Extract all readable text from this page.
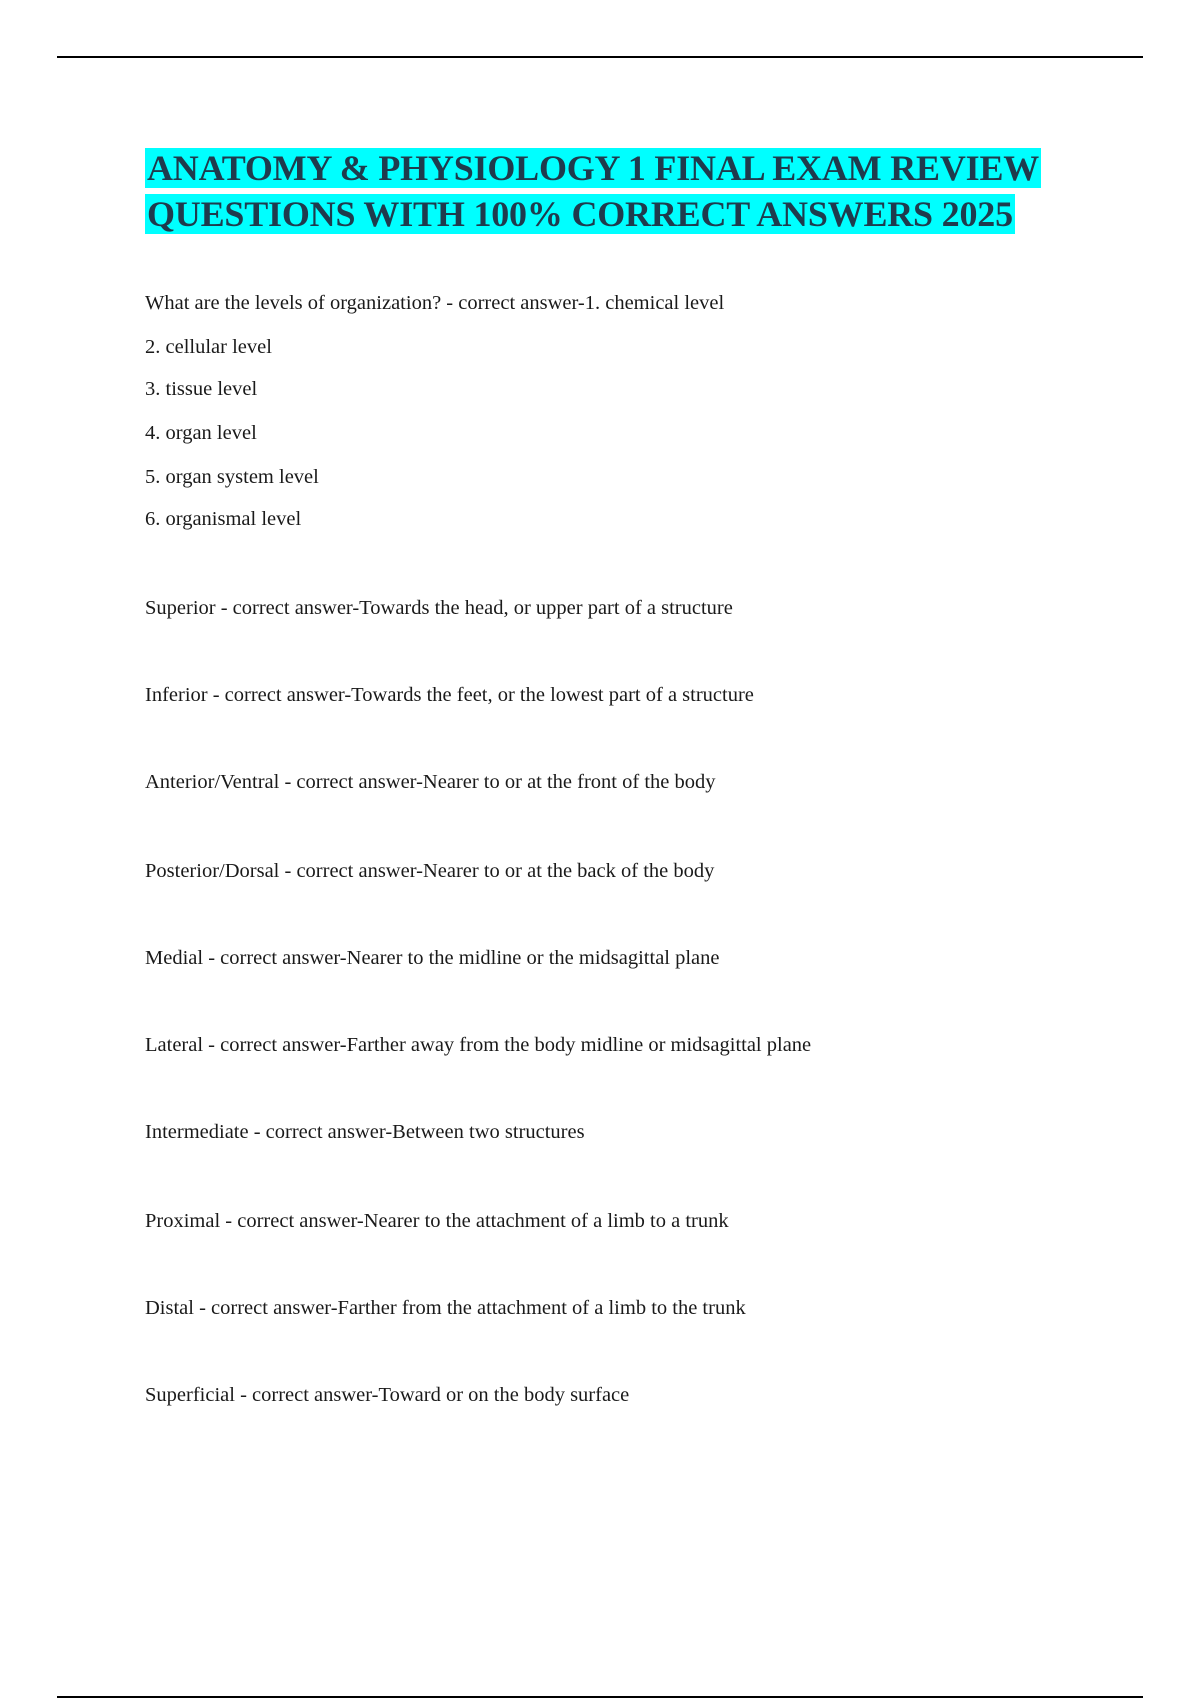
ANATOMY & PHYSIOLOGY 1 FINAL EXAM REVIEW
QUESTIONS WITH 100% CORRECT ANSWERS 2025

What are the levels of organization? - correct answer-1. chemical level

2. cellular level

3. tissue level

4. organ level

5. organ system level

6. organismal level

Superior - correct answer-Towards the head, or upper part of a structure

Inferior - correct answer-Towards the feet, or the lowest part of a structure

Anterior/Ventral - correct answer-Nearer to or at the front of the body

Posterior/Dorsal - correct answer-Nearer to or at the back of the body

Medial - correct answer-Nearer to the midline or the midsagittal plane

Lateral - correct answer-Farther away from the body midline or midsagittal plane

Intermediate - correct answer-Between two structures

Proximal - correct answer-Nearer to the attachment of a limb to a trunk

Distal - correct answer-Farther from the attachment of a limb to the trunk

Superficial - correct answer-Toward or on the body surface
